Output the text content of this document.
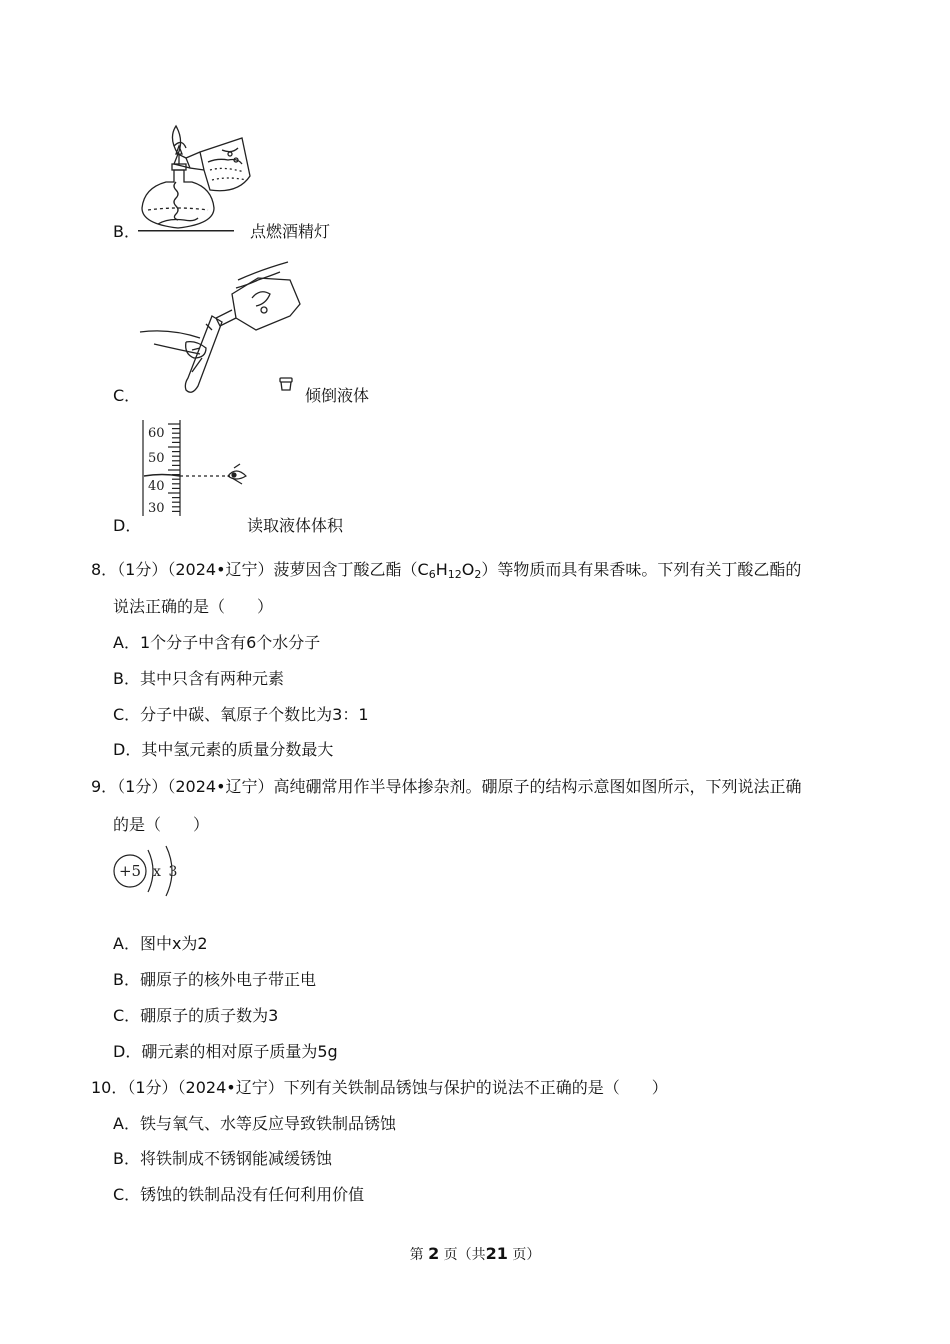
B．	点燃酒精灯
C．	倾倒液体
60
50
40
30
D．	读取液体体积
8．（1分）（2024•辽宁）菠萝因含丁酸乙酯$(C_6H_{12}O_2)$等物质而具有果香味。下列有关丁酸乙酯的
说法正确的是（　　）
A．1个分子中含有6个水分子
B．其中只含有两种元素
C．分子中碳、氧原子个数比为3：1
D．其中氢元素的质量分数最大
9．（1分）（2024•辽宁）高纯硼常用作半导体掺杂剂。硼原子的结构示意图如图所示，下列说法正确
的是（　　）
+5 x 3
A．图中x为2
B．硼原子的核外电子带正电
C．硼原子的质子数为3
D．硼元素的相对原子质量为5g
10．（1分）（2024•辽宁）下列有关铁制品锈蚀与保护的说法不正确的是（　　）
A．铁与氧气、水等反应导致铁制品锈蚀
B．将铁制成不锈钢能减缓锈蚀
C．锈蚀的铁制品没有任何利用价值
第 2 页（共21 页）
